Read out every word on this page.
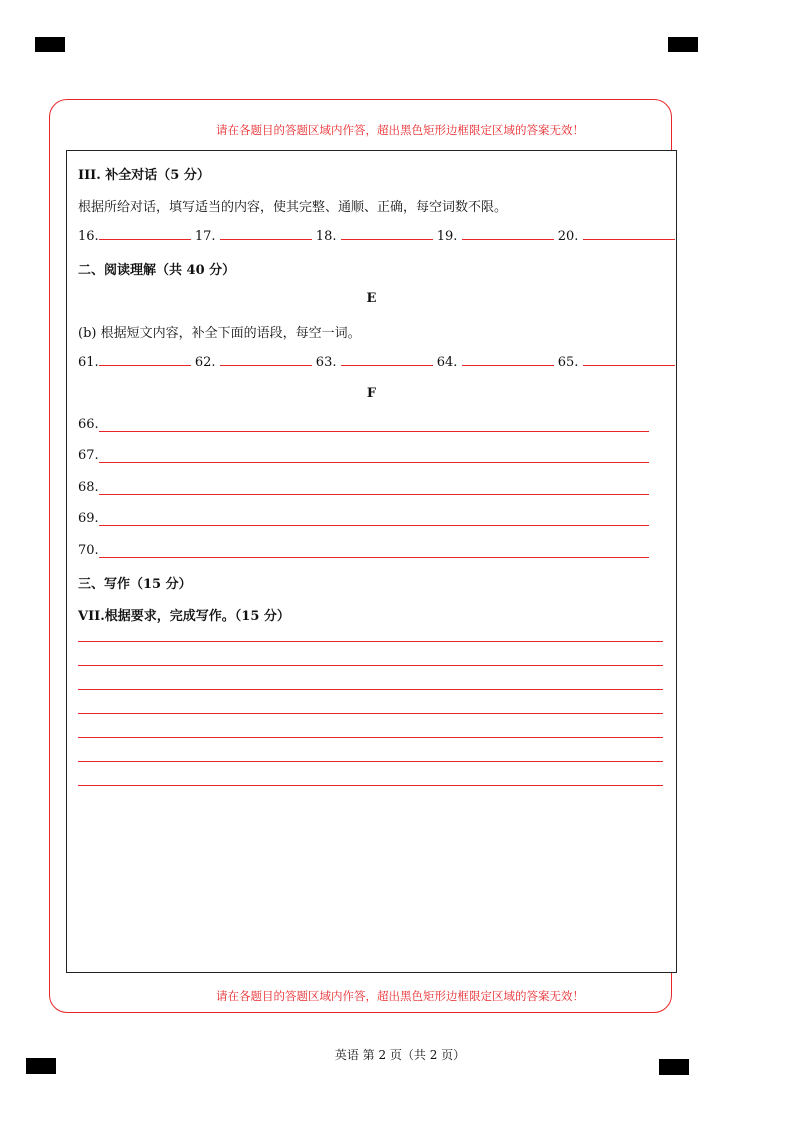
请在各题目的答题区域内作答，超出黑色矩形边框限定区域的答案无效！
III. 补全对话（5 分）
根据所给对话，填写适当的内容，使其完整、通顺、正确，每空词数不限。
16.	17.	18.	19.	20.
二、阅读理解（共 40 分）
E
(b) 根据短文内容，补全下面的语段，每空一词。
61.	62.	63.	64.	65.
F
66.
67.
68.
69.
70.
三、写作（15 分）
VII.根据要求，完成写作。（15 分）
请在各题目的答题区域内作答，超出黑色矩形边框限定区域的答案无效！
英语 第 2 页（共 2 页）
